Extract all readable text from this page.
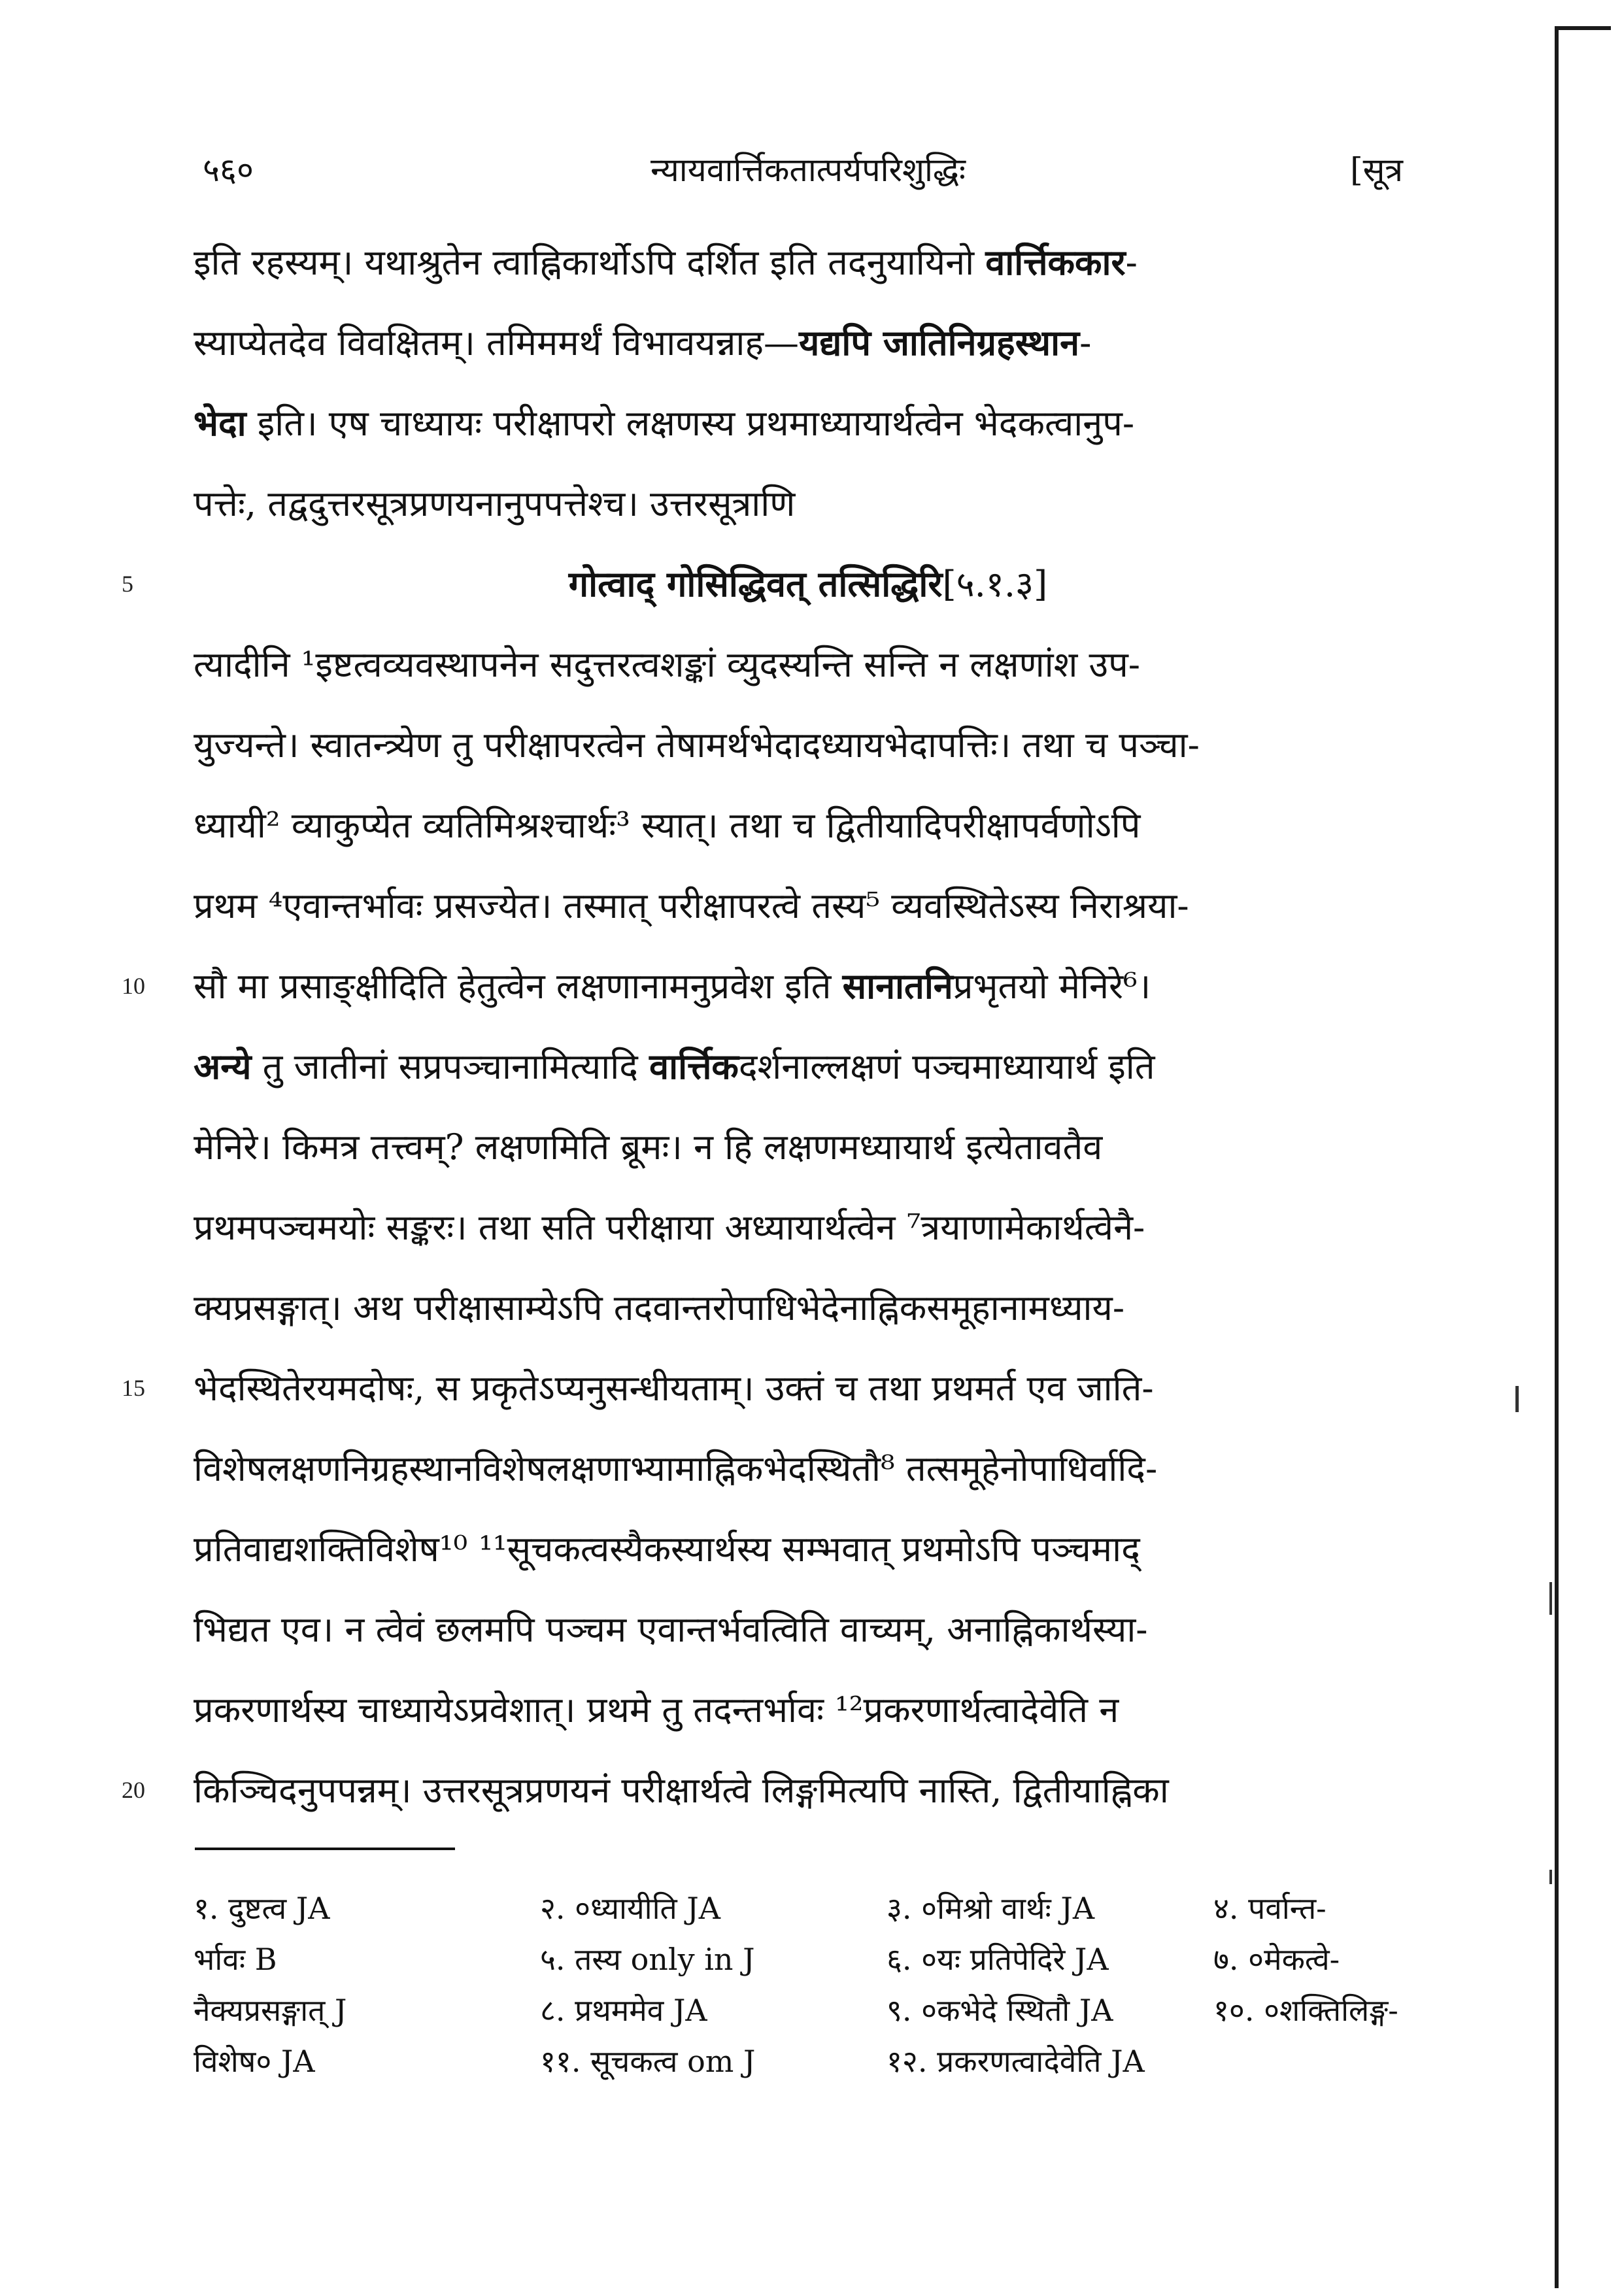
५६०	न्यायवार्त्तिकतात्पर्यपरिशुद्धिः	[सूत्र
5
10
15
20
इति रहस्यम्। यथाश्रुतेन त्वाह्निकार्थोऽपि दर्शित इति तदनुयायिनो वार्त्तिककार-
स्याप्येतदेव विवक्षितम्। तमिममर्थं विभावयन्नाह—यद्यपि जातिनिग्रहस्थान-
भेदा इति। एष चाध्यायः परीक्षापरो लक्षणस्य प्रथमाध्यायार्थत्वेन भेदकत्वानुप-
पत्तेः, तद्वदुत्तरसूत्रप्रणयनानुपपत्तेश्च। उत्तरसूत्राणि
गोत्वाद् गोसिद्धिवत् तत्सिद्धिरि[५.१.३]
त्यादीनि ¹इष्टत्वव्यवस्थापनेन सदुत्तरत्वशङ्कां व्युदस्यन्ति सन्ति न लक्षणांश उप-
युज्यन्ते। स्वातन्त्र्येण तु परीक्षापरत्वेन तेषामर्थभेदादध्यायभेदापत्तिः। तथा च पञ्चा-
ध्यायी² व्याकुप्येत व्यतिमिश्रश्चार्थः³ स्यात्। तथा च द्वितीयादिपरीक्षापर्वणोऽपि
प्रथम ⁴एवान्तर्भावः प्रसज्येत। तस्मात् परीक्षापरत्वे तस्य⁵ व्यवस्थितेऽस्य निराश्रया-
सौ मा प्रसाङ्क्षीदिति हेतुत्वेन लक्षणानामनुप्रवेश इति सानातनिप्रभृतयो मेनिरे⁶।
अन्ये तु जातीनां सप्रपञ्चानामित्यादि वार्त्तिकदर्शनाल्लक्षणं पञ्चमाध्यायार्थ इति
मेनिरे। किमत्र तत्त्वम्? लक्षणमिति ब्रूमः। न हि लक्षणमध्यायार्थ इत्येतावतैव
प्रथमपञ्चमयोः सङ्करः। तथा सति परीक्षाया अध्यायार्थत्वेन ⁷त्रयाणामेकार्थत्वेनै-
क्यप्रसङ्गात्। अथ परीक्षासाम्येऽपि तदवान्तरोपाधिभेदेनाह्निकसमूहानामध्याय-
भेदस्थितेरयमदोषः, स प्रकृतेऽप्यनुसन्धीयताम्। उक्तं च तथा प्रथमर्त एव जाति-
विशेषलक्षणनिग्रहस्थानविशेषलक्षणाभ्यामाह्निकभेदस्थितौ⁸ तत्समूहेनोपाधिर्वादि-
प्रतिवाद्यशक्तिविशेष¹⁰ ¹¹सूचकत्वस्यैकस्यार्थस्य सम्भवात् प्रथमोऽपि पञ्चमाद्
भिद्यत एव। न त्वेवं छलमपि पञ्चम एवान्तर्भवत्विति वाच्यम्, अनाह्निकार्थस्या-
प्रकरणार्थस्य चाध्यायेऽप्रवेशात्। प्रथमे तु तदन्तर्भावः ¹²प्रकरणार्थत्वादेवेति न
किञ्चिदनुपपन्नम्। उत्तरसूत्रप्रणयनं परीक्षार्थत्वे लिङ्गमित्यपि नास्ति, द्वितीयाह्निका
१. दुष्टत्व JA	२. ०ध्यायीति JA	३. ०मिश्रो वार्थः JA	४. पर्वान्त-
र्भावः B	५. तस्य only in J	६. ०यः प्रतिपेदिरे JA	७. ०मेकत्वे-
नैक्यप्रसङ्गात् J	८. प्रथममेव JA	९. ०कभेदे स्थितौ JA	१०. ०शक्तिलिङ्ग-
विशेष० JA	११. सूचकत्व om J	१२. प्रकरणत्वादेवेति JA
